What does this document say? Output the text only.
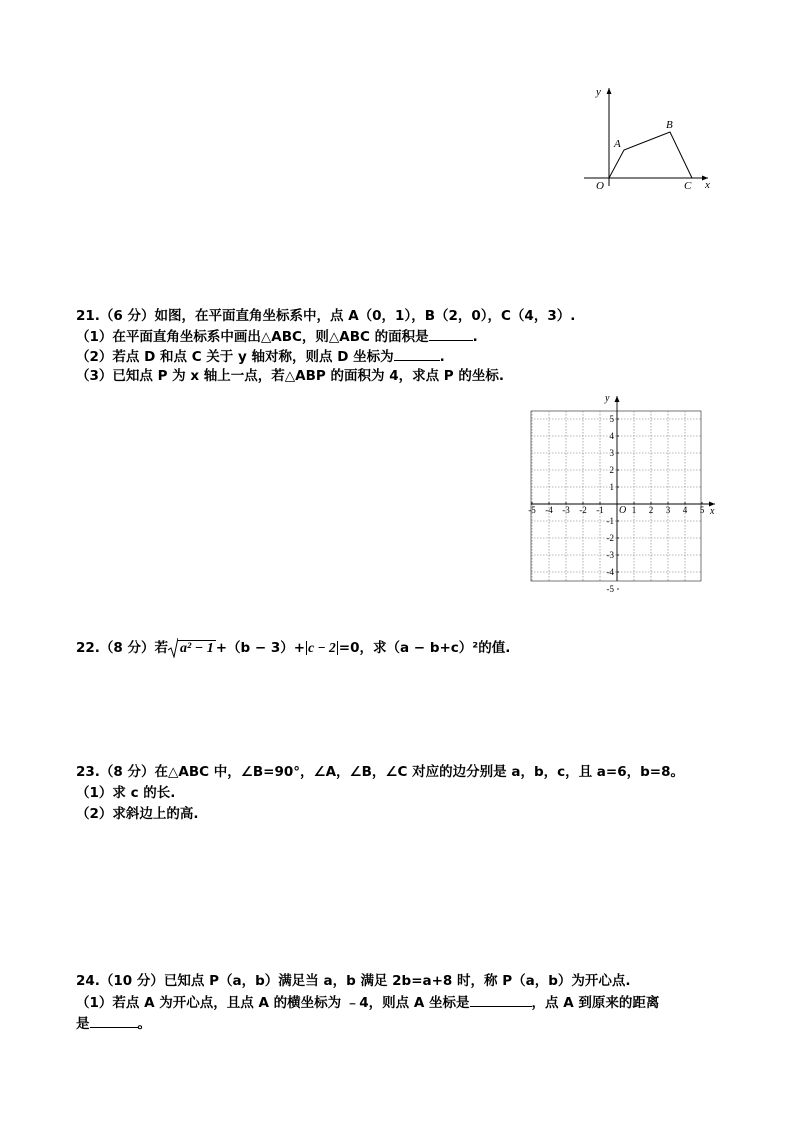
y
x
O
A
B
C
21.（6 分）如图，在平面直角坐标系中，点 A（0，1），B（2，0），C（4，3）.
（1）在平面直角坐标系中画出△ABC，则△ABC 的面积是	.
（2）若点 D 和点 C 关于 y 轴对称，则点 D 坐标为	.
（3）已知点 P 为 x 轴上一点，若△ABP 的面积为 4，求点 P 的坐标.
-5 -4 -3 -2 -1	1 2 3 4 5
5
4
3
2
1
-1
-2
-3
-4
-5
x
y
O
22.（8 分）若 a² − 1 +（b − 3）+ c − 2 =0，求（a − b+c）²的值.
23.（8 分）在△ABC 中，∠B=90°，∠A，∠B，∠C 对应的边分别是 a，b，c，且 a=6，b=8。
（1）求 c 的长.
（2）求斜边上的高.
24.（10 分）已知点 P（a，b）满足当 a，b 满足 2b=a+8 时，称 P（a，b）为开心点.
（1）若点 A 为开心点，且点 A 的横坐标为 ﹣4，则点 A 坐标是	，点 A 到原来的距离
是	。
